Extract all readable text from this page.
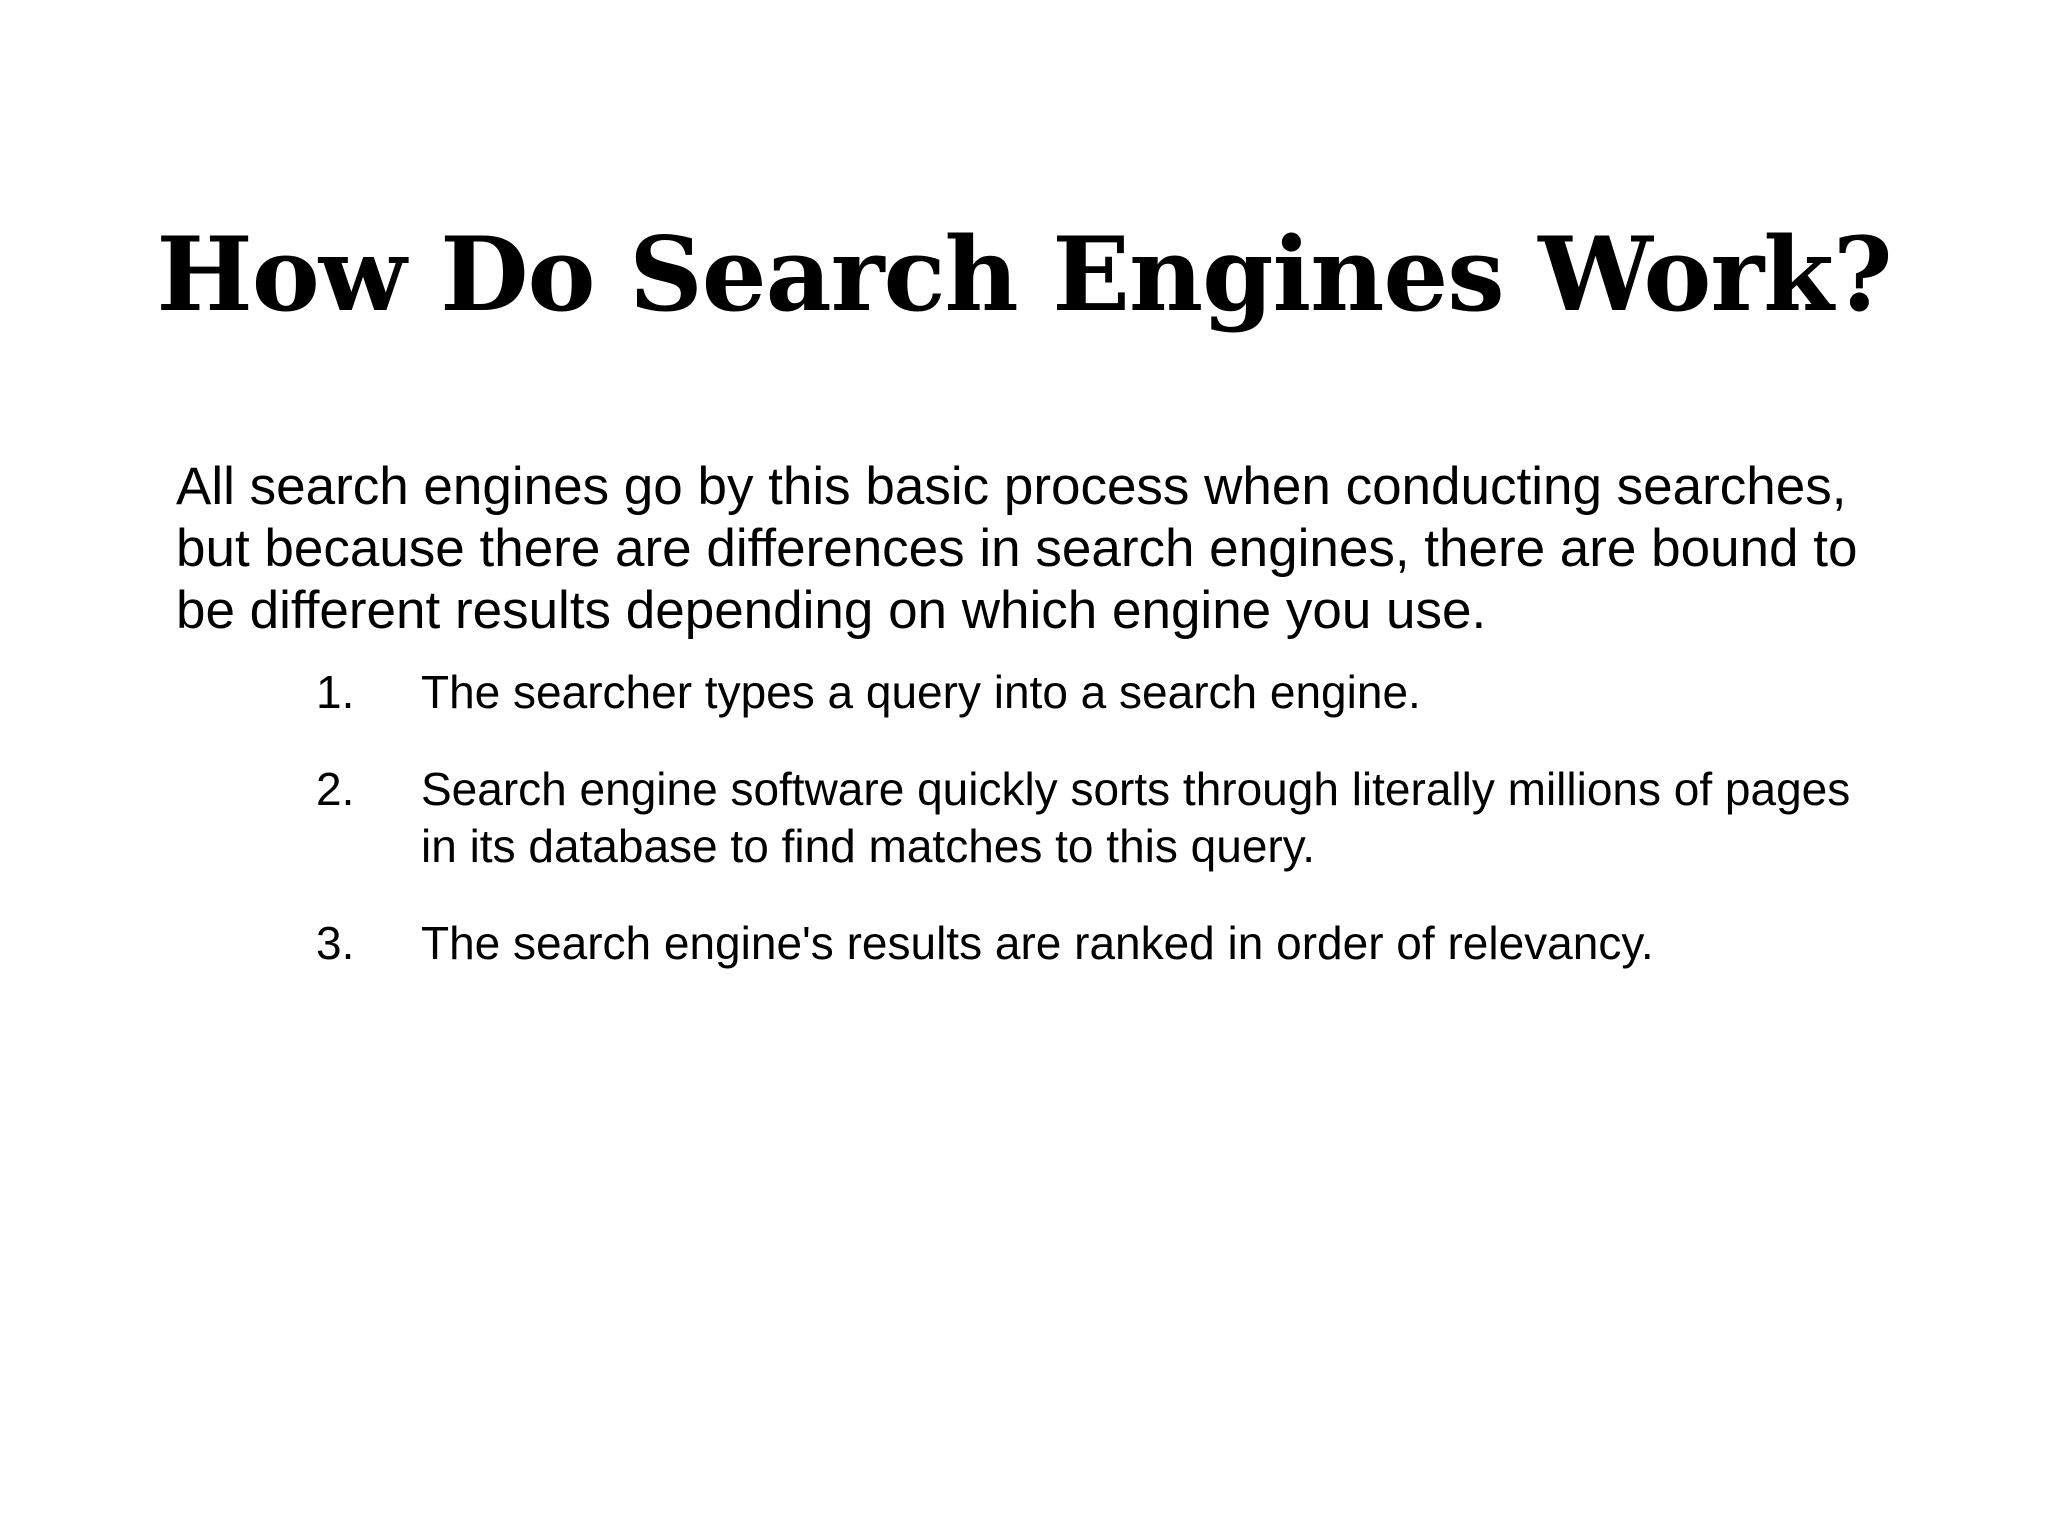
How Do Search Engines Work?

All search engines go by this basic process when conducting searches, but because there are differences in search engines, there are bound to be different results depending on which engine you use.

1. The searcher types a query into a search engine.
2. Search engine software quickly sorts through literally millions of pages in its database to find matches to this query.
3. The search engine's results are ranked in order of relevancy.
